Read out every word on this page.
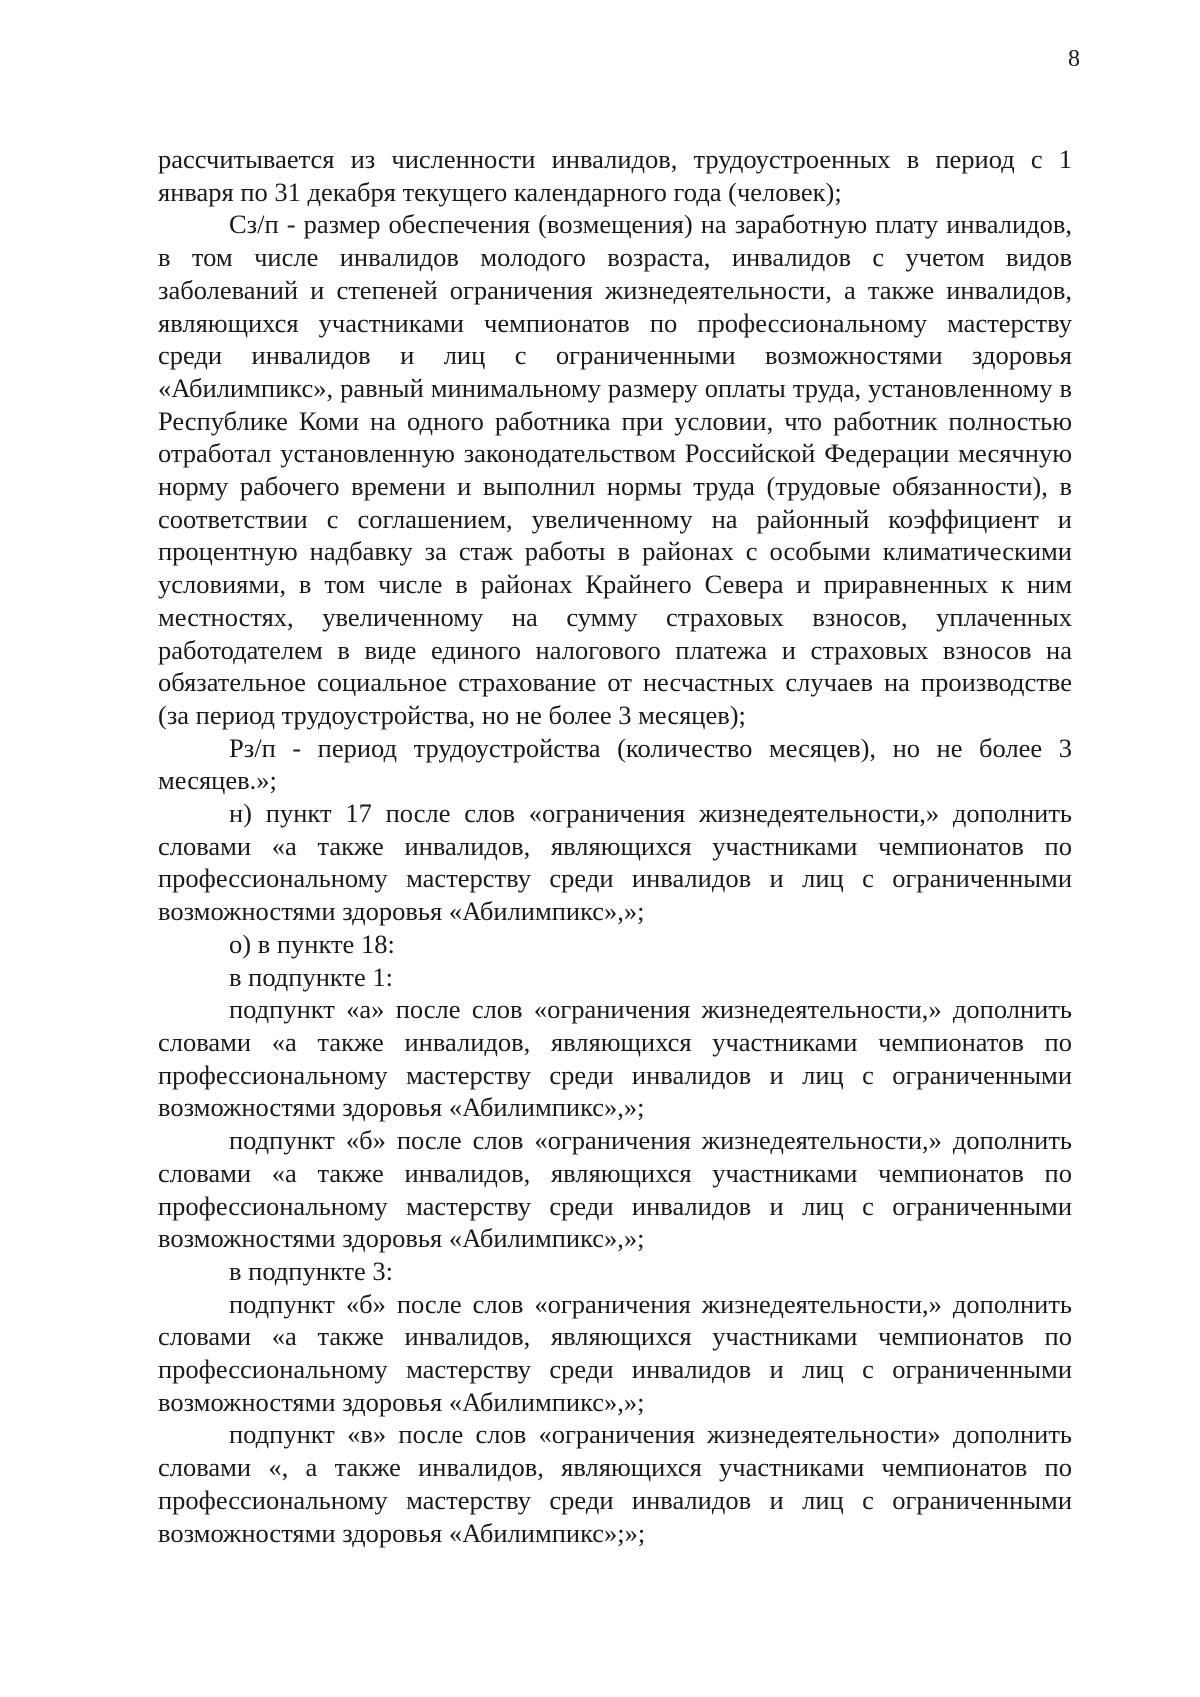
8

рассчитывается из численности инвалидов, трудоустроенных в период с 1 января по 31 декабря текущего календарного года (человек);

Сз/п - размер обеспечения (возмещения) на заработную плату инвалидов, в том числе инвалидов молодого возраста, инвалидов с учетом видов заболеваний и степеней ограничения жизнедеятельности, а также инвалидов, являющихся участниками чемпионатов по профессиональному мастерству среди инвалидов и лиц с ограниченными возможностями здоровья «Абилимпикс», равный минимальному размеру оплаты труда, установленному в Республике Коми на одного работника при условии, что работник полностью отработал установленную законодательством Российской Федерации месячную норму рабочего времени и выполнил нормы труда (трудовые обязанности), в соответствии с соглашением, увеличенному на районный коэффициент и процентную надбавку за стаж работы в районах с особыми климатическими условиями, в том числе в районах Крайнего Севера и приравненных к ним местностях, увеличенному на сумму страховых взносов, уплаченных работодателем в виде единого налогового платежа и страховых взносов на обязательное социальное страхование от несчастных случаев на производстве (за период трудоустройства, но не более 3 месяцев);

Рз/п - период трудоустройства (количество месяцев), но не более 3 месяцев.»;

н) пункт 17 после слов «ограничения жизнедеятельности,» дополнить словами «а также инвалидов, являющихся участниками чемпионатов по профессиональному мастерству среди инвалидов и лиц с ограниченными возможностями здоровья «Абилимпикс»,»;

о) в пункте 18:

в подпункте 1:

подпункт «а» после слов «ограничения жизнедеятельности,» дополнить словами «а также инвалидов, являющихся участниками чемпионатов по профессиональному мастерству среди инвалидов и лиц с ограниченными возможностями здоровья «Абилимпикс»,»;

подпункт «б» после слов «ограничения жизнедеятельности,» дополнить словами «а также инвалидов, являющихся участниками чемпионатов по профессиональному мастерству среди инвалидов и лиц с ограниченными возможностями здоровья «Абилимпикс»,»;

в подпункте 3:

подпункт «б» после слов «ограничения жизнедеятельности,» дополнить словами «а также инвалидов, являющихся участниками чемпионатов по профессиональному мастерству среди инвалидов и лиц с ограниченными возможностями здоровья «Абилимпикс»,»;

подпункт «в» после слов «ограничения жизнедеятельности» дополнить словами «, а также инвалидов, являющихся участниками чемпионатов по профессиональному мастерству среди инвалидов и лиц с ограниченными возможностями здоровья «Абилимпикс»;»;
